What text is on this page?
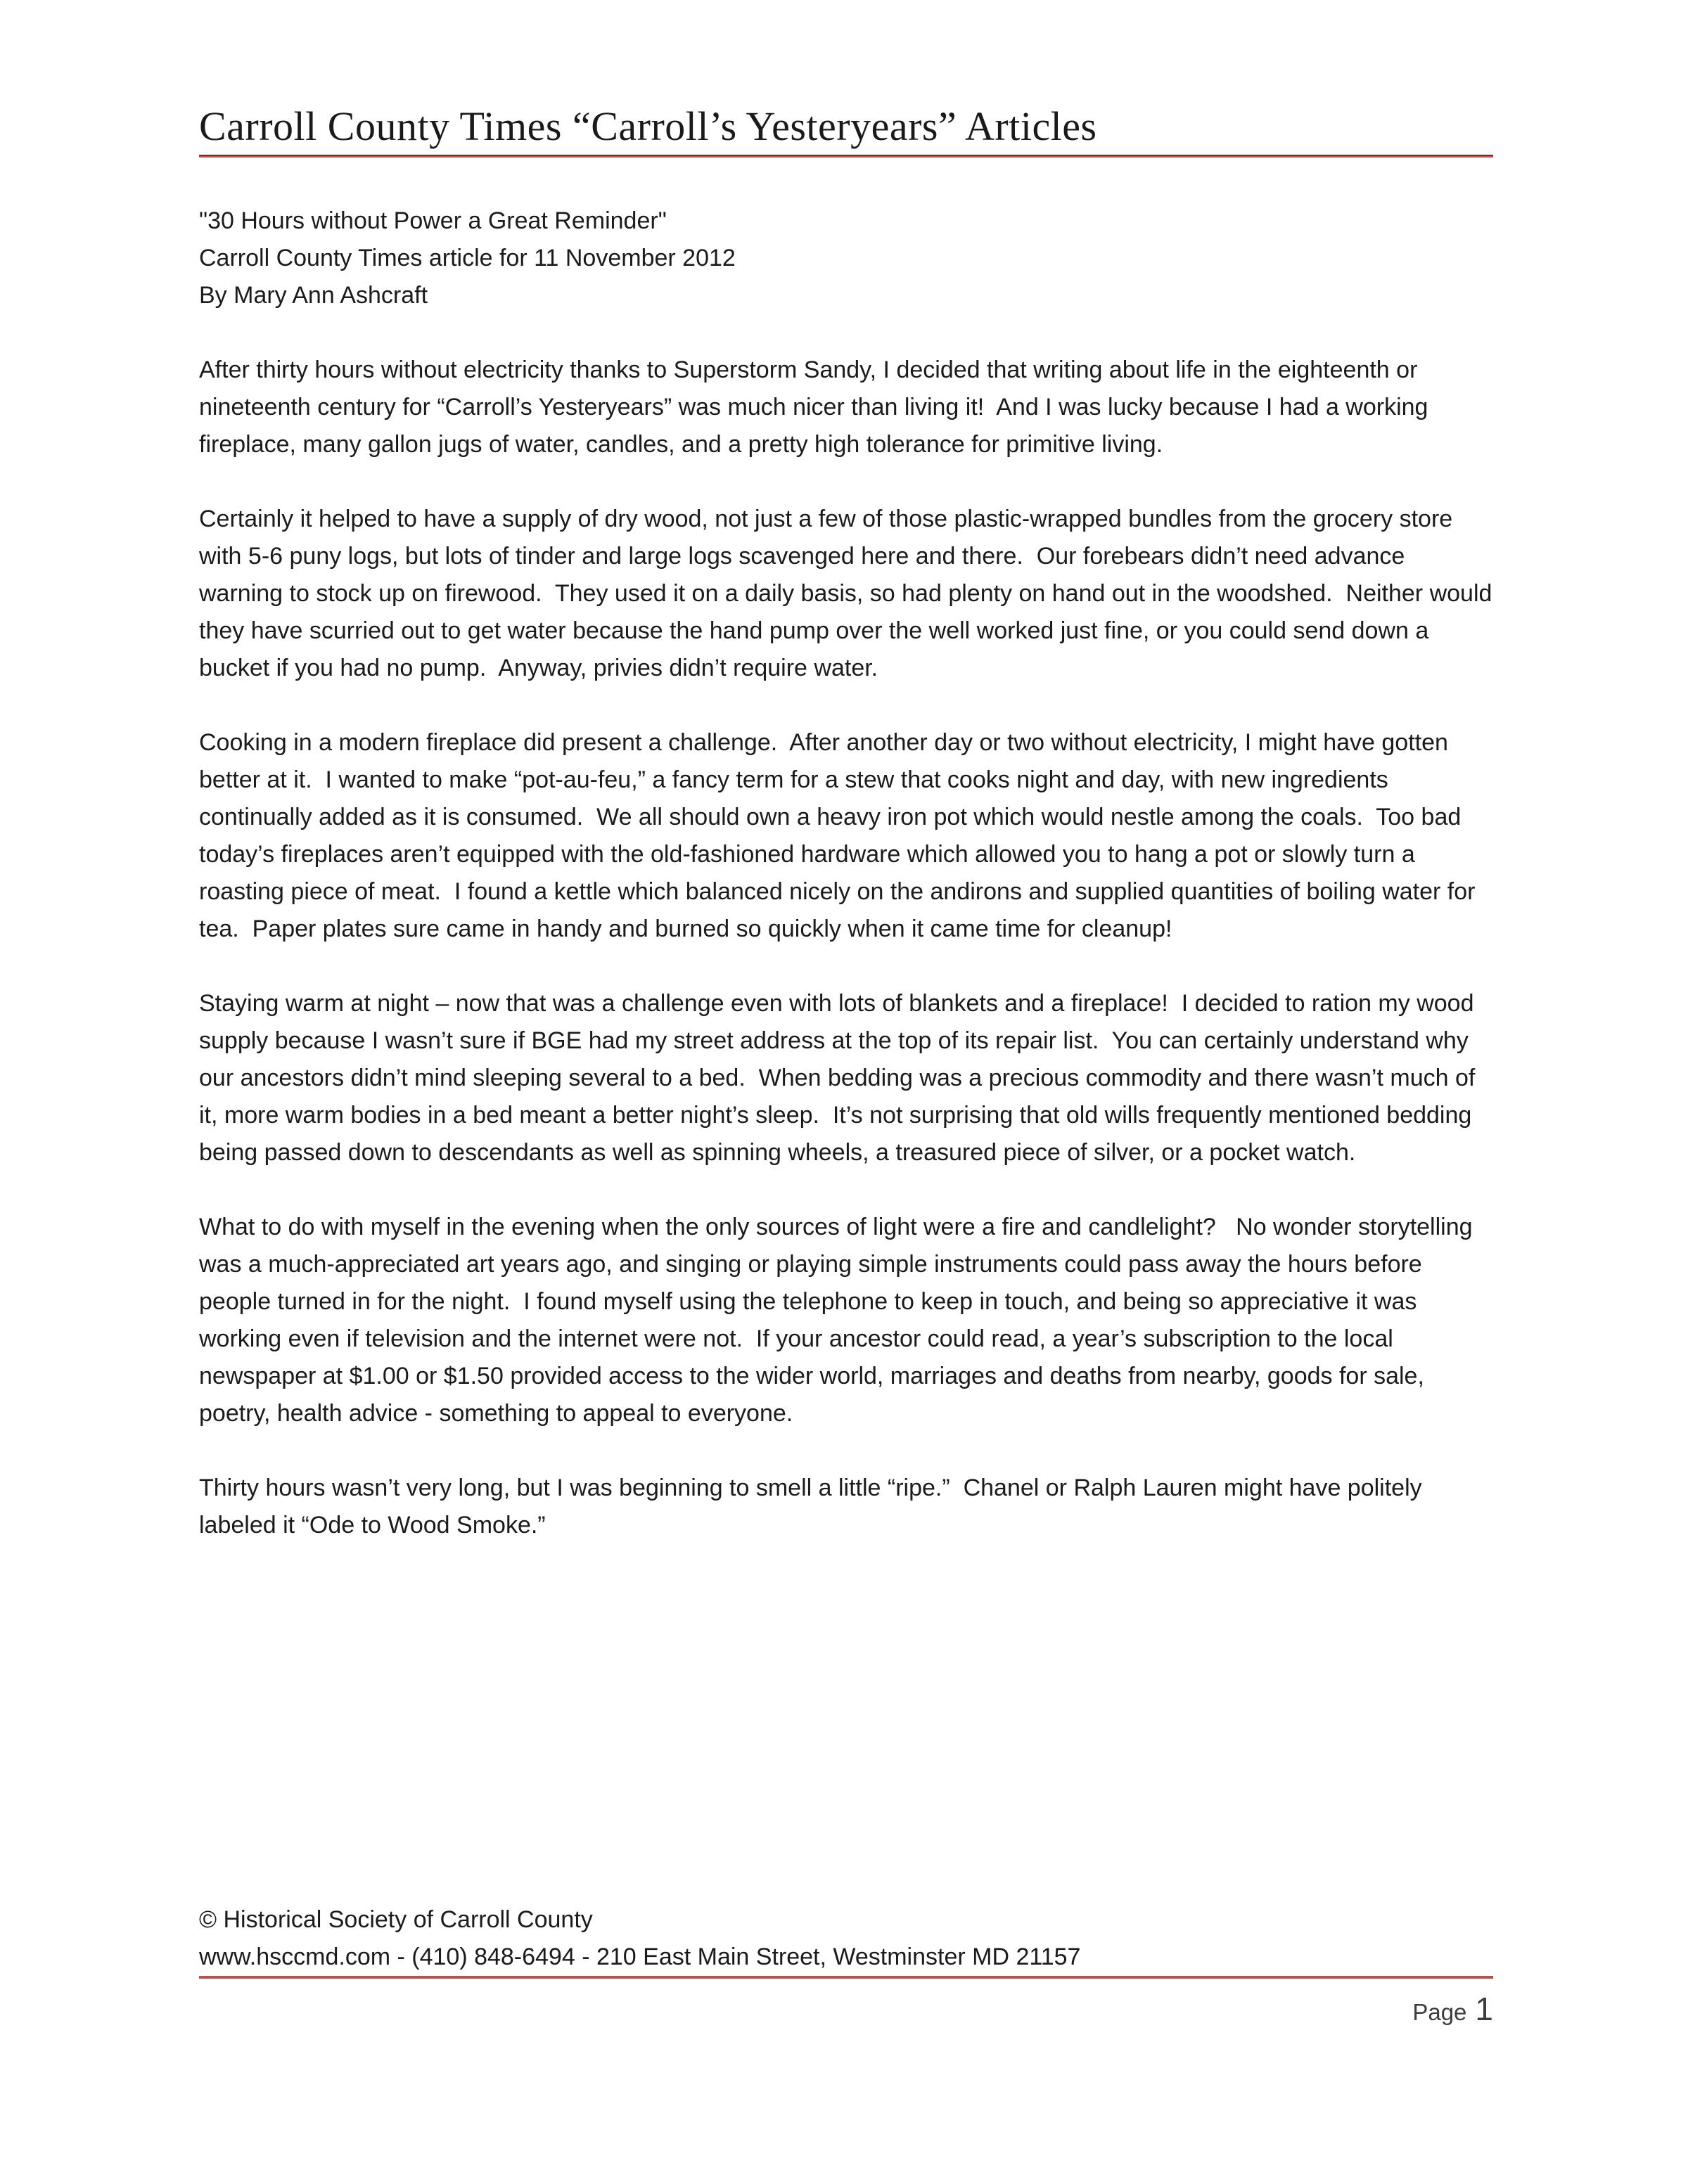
Carroll County Times “Carroll’s Yesteryears” Articles

"30 Hours without Power a Great Reminder"

Carroll County Times article for 11 November 2012

By Mary Ann Ashcraft

After thirty hours without electricity thanks to Superstorm Sandy, I decided that writing about life in the eighteenth or nineteenth century for “Carroll’s Yesteryears” was much nicer than living it!  And I was lucky because I had a working fireplace, many gallon jugs of water, candles, and a pretty high tolerance for primitive living.

Certainly it helped to have a supply of dry wood, not just a few of those plastic-wrapped bundles from the grocery store with 5-6 puny logs, but lots of tinder and large logs scavenged here and there.  Our forebears didn’t need advance warning to stock up on firewood.  They used it on a daily basis, so had plenty on hand out in the woodshed.  Neither would they have scurried out to get water because the hand pump over the well worked just fine, or you could send down a bucket if you had no pump.  Anyway, privies didn’t require water.

Cooking in a modern fireplace did present a challenge.  After another day or two without electricity, I might have gotten better at it.  I wanted to make “pot-au-feu,” a fancy term for a stew that cooks night and day, with new ingredients continually added as it is consumed.  We all should own a heavy iron pot which would nestle among the coals.  Too bad today’s fireplaces aren’t equipped with the old-fashioned hardware which allowed you to hang a pot or slowly turn a roasting piece of meat.  I found a kettle which balanced nicely on the andirons and supplied quantities of boiling water for tea.  Paper plates sure came in handy and burned so quickly when it came time for cleanup!

Staying warm at night – now that was a challenge even with lots of blankets and a fireplace!  I decided to ration my wood supply because I wasn’t sure if BGE had my street address at the top of its repair list.  You can certainly understand why our ancestors didn’t mind sleeping several to a bed.  When bedding was a precious commodity and there wasn’t much of it, more warm bodies in a bed meant a better night’s sleep.  It’s not surprising that old wills frequently mentioned bedding being passed down to descendants as well as spinning wheels, a treasured piece of silver, or a pocket watch.

What to do with myself in the evening when the only sources of light were a fire and candlelight?   No wonder storytelling was a much-appreciated art years ago, and singing or playing simple instruments could pass away the hours before people turned in for the night.  I found myself using the telephone to keep in touch, and being so appreciative it was working even if television and the internet were not.  If your ancestor could read, a year’s subscription to the local newspaper at $1.00 or $1.50 provided access to the wider world, marriages and deaths from nearby, goods for sale, poetry, health advice - something to appeal to everyone.

Thirty hours wasn’t very long, but I was beginning to smell a little “ripe.”  Chanel or Ralph Lauren might have politely labeled it “Ode to Wood Smoke.”

© Historical Society of Carroll County

www.hsccmd.com - (410) 848-6494 - 210 East Main Street, Westminster MD 21157

Page 1
